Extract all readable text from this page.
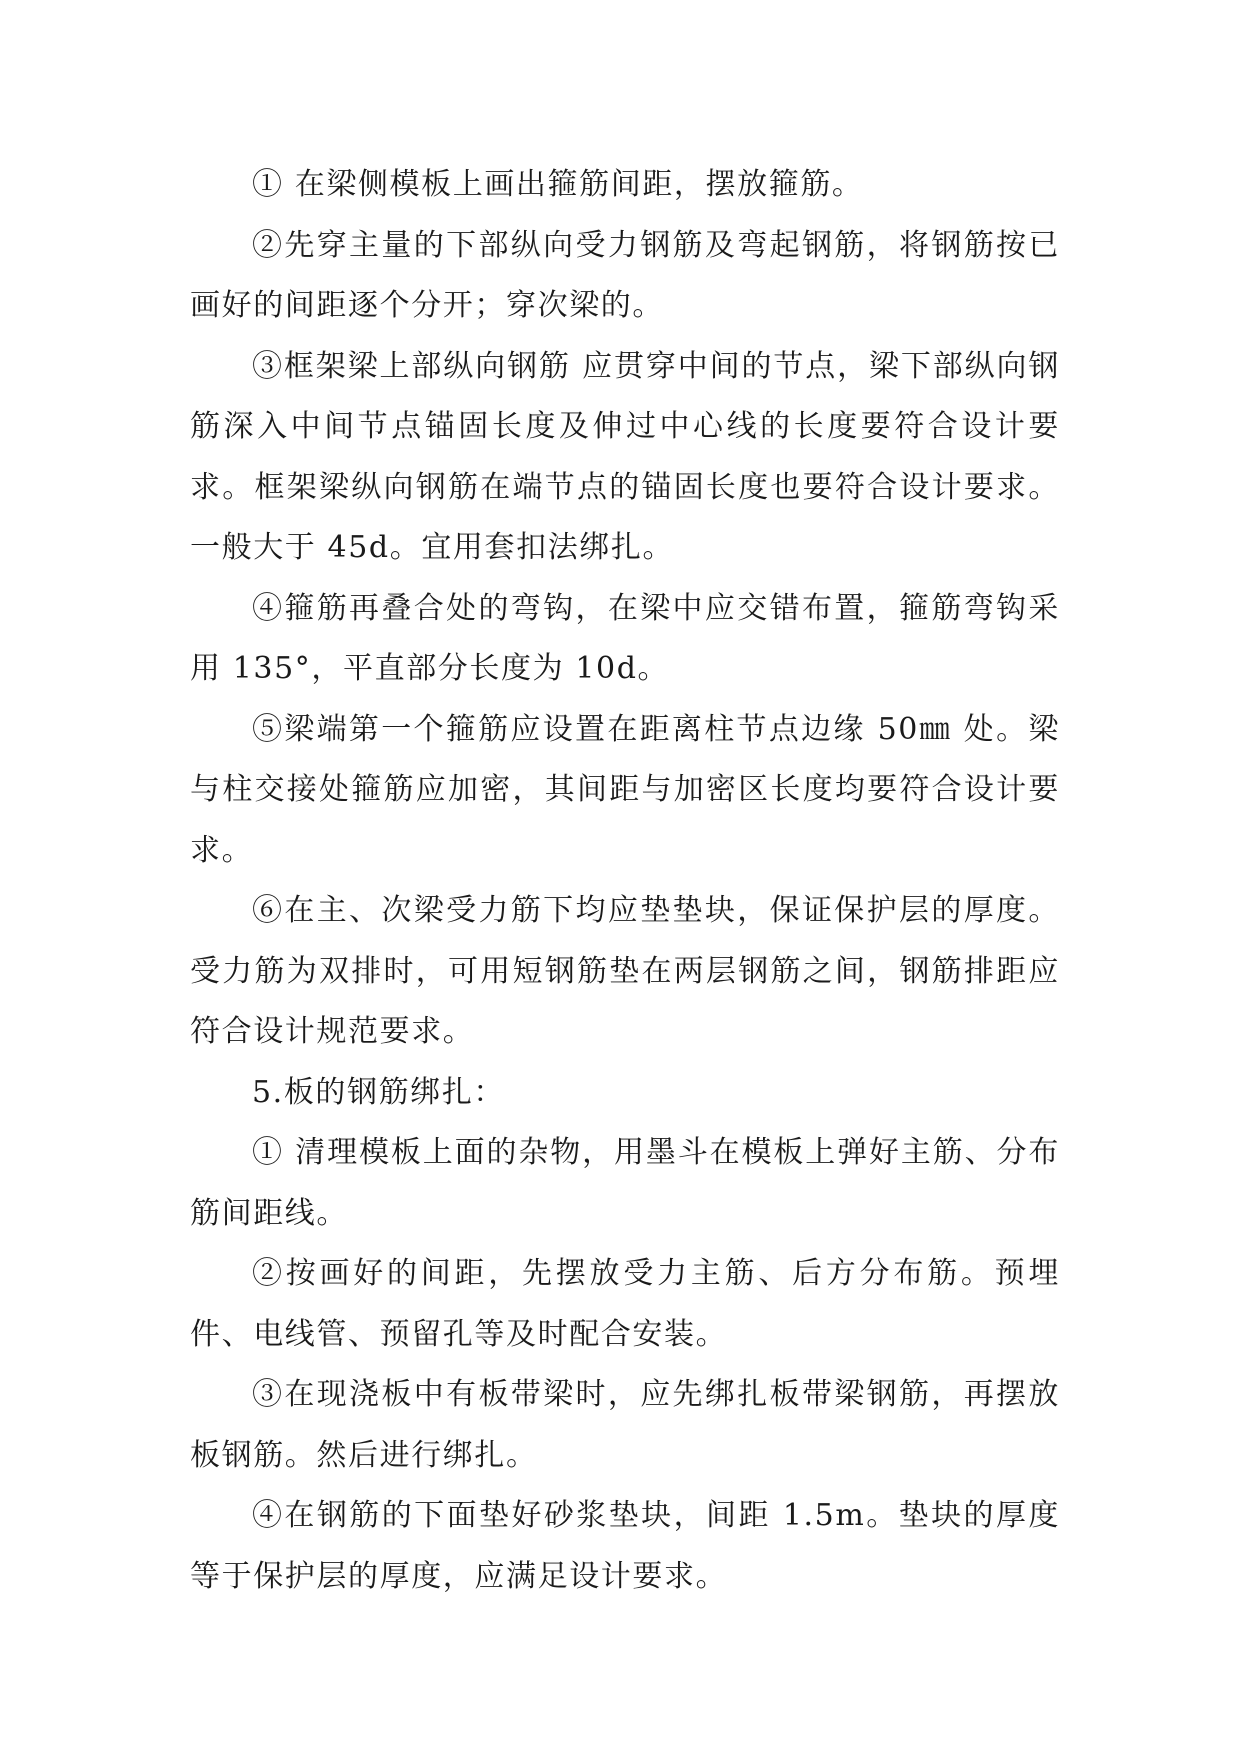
① 在梁侧模板上画出箍筋间距，摆放箍筋。

②先穿主量的下部纵向受力钢筋及弯起钢筋，将钢筋按已画好的间距逐个分开；穿次梁的。

③框架梁上部纵向钢筋 应贯穿中间的节点，梁下部纵向钢筋深入中间节点锚固长度及伸过中心线的长度要符合设计要求。框架梁纵向钢筋在端节点的锚固长度也要符合设计要求。一般大于 45d。宜用套扣法绑扎。

④箍筋再叠合处的弯钩，在梁中应交错布置，箍筋弯钩采用 135°，平直部分长度为 10d。

⑤梁端第一个箍筋应设置在距离柱节点边缘 50㎜ 处。梁与柱交接处箍筋应加密，其间距与加密区长度均要符合设计要求。

⑥在主、次梁受力筋下均应垫垫块，保证保护层的厚度。受力筋为双排时，可用短钢筋垫在两层钢筋之间，钢筋排距应符合设计规范要求。

5.板的钢筋绑扎：

① 清理模板上面的杂物，用墨斗在模板上弹好主筋、分布筋间距线。

②按画好的间距，先摆放受力主筋、后方分布筋。预埋件、电线管、预留孔等及时配合安装。

③在现浇板中有板带梁时，应先绑扎板带梁钢筋，再摆放板钢筋。然后进行绑扎。

④在钢筋的下面垫好砂浆垫块，间距 1.5m。垫块的厚度等于保护层的厚度，应满足设计要求。
